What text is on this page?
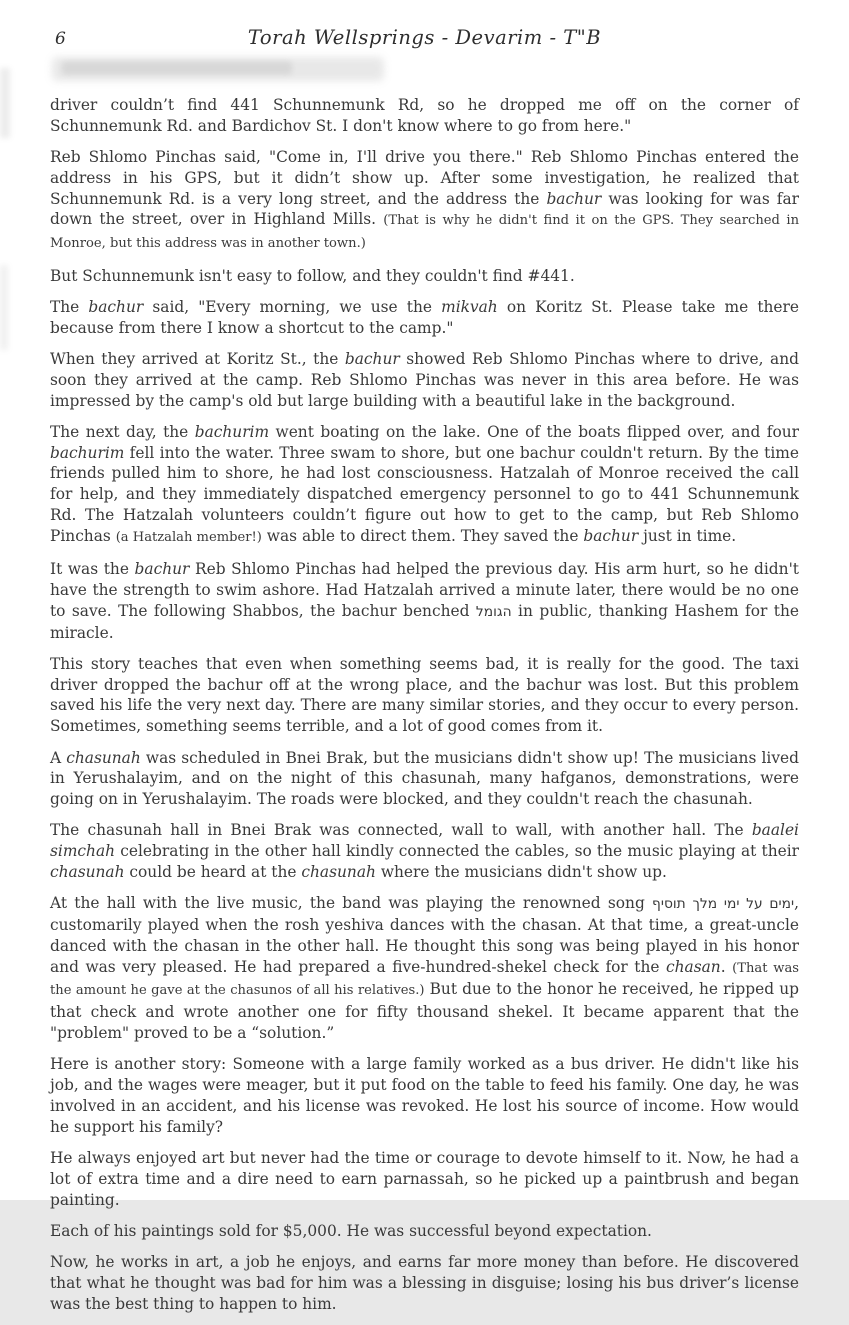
6	Torah Wellsprings - Devarim - T"B

driver couldn’t find 441 Schunnemunk Rd, so he dropped me off on the corner of Schunnemunk Rd. and Bardichov St. I don't know where to go from here."

Reb Shlomo Pinchas said, "Come in, I'll drive you there." Reb Shlomo Pinchas entered the address in his GPS, but it didn’t show up. After some investigation, he realized that Schunnemunk Rd. is a very long street, and the address the bachur was looking for was far down the street, over in Highland Mills. (That is why he didn't find it on the GPS. They searched in Monroe, but this address was in another town.)

But Schunnemunk isn't easy to follow, and they couldn't find #441.

The bachur said, "Every morning, we use the mikvah on Koritz St. Please take me there because from there I know a shortcut to the camp."

When they arrived at Koritz St., the bachur showed Reb Shlomo Pinchas where to drive, and soon they arrived at the camp. Reb Shlomo Pinchas was never in this area before. He was impressed by the camp's old but large building with a beautiful lake in the background.

The next day, the bachurim went boating on the lake. One of the boats flipped over, and four bachurim fell into the water. Three swam to shore, but one bachur couldn't return. By the time friends pulled him to shore, he had lost consciousness. Hatzalah of Monroe received the call for help, and they immediately dispatched emergency personnel to go to 441 Schunnemunk Rd. The Hatzalah volunteers couldn’t figure out how to get to the camp, but Reb Shlomo Pinchas (a Hatzalah member!) was able to direct them. They saved the bachur just in time.

It was the bachur Reb Shlomo Pinchas had helped the previous day. His arm hurt, so he didn't have the strength to swim ashore. Had Hatzalah arrived a minute later, there would be no one to save. The following Shabbos, the bachur benched הגומל in public, thanking Hashem for the miracle.

This story teaches that even when something seems bad, it is really for the good. The taxi driver dropped the bachur off at the wrong place, and the bachur was lost. But this problem saved his life the very next day. There are many similar stories, and they occur to every person. Sometimes, something seems terrible, and a lot of good comes from it.

A chasunah was scheduled in Bnei Brak, but the musicians didn't show up! The musicians lived in Yerushalayim, and on the night of this chasunah, many hafganos, demonstrations, were going on in Yerushalayim. The roads were blocked, and they couldn't reach the chasunah.

The chasunah hall in Bnei Brak was connected, wall to wall, with another hall. The baalei simchah celebrating in the other hall kindly connected the cables, so the music playing at their chasunah could be heard at the chasunah where the musicians didn't show up.

At the hall with the live music, the band was playing the renowned song ימים על ימי מלך תוסיף, customarily played when the rosh yeshiva dances with the chasan. At that time, a great-uncle danced with the chasan in the other hall. He thought this song was being played in his honor and was very pleased. He had prepared a five-hundred-shekel check for the chasan. (That was the amount he gave at the chasunos of all his relatives.) But due to the honor he received, he ripped up that check and wrote another one for fifty thousand shekel. It became apparent that the "problem" proved to be a “solution.”

Here is another story: Someone with a large family worked as a bus driver. He didn't like his job, and the wages were meager, but it put food on the table to feed his family. One day, he was involved in an accident, and his license was revoked. He lost his source of income. How would he support his family?

He always enjoyed art but never had the time or courage to devote himself to it. Now, he had a lot of extra time and a dire need to earn parnassah, so he picked up a paintbrush and began painting.

Each of his paintings sold for $5,000. He was successful beyond expectation.

Now, he works in art, a job he enjoys, and earns far more money than before. He discovered that what he thought was bad for him was a blessing in disguise; losing his bus driver’s license was the best thing to happen to him.
